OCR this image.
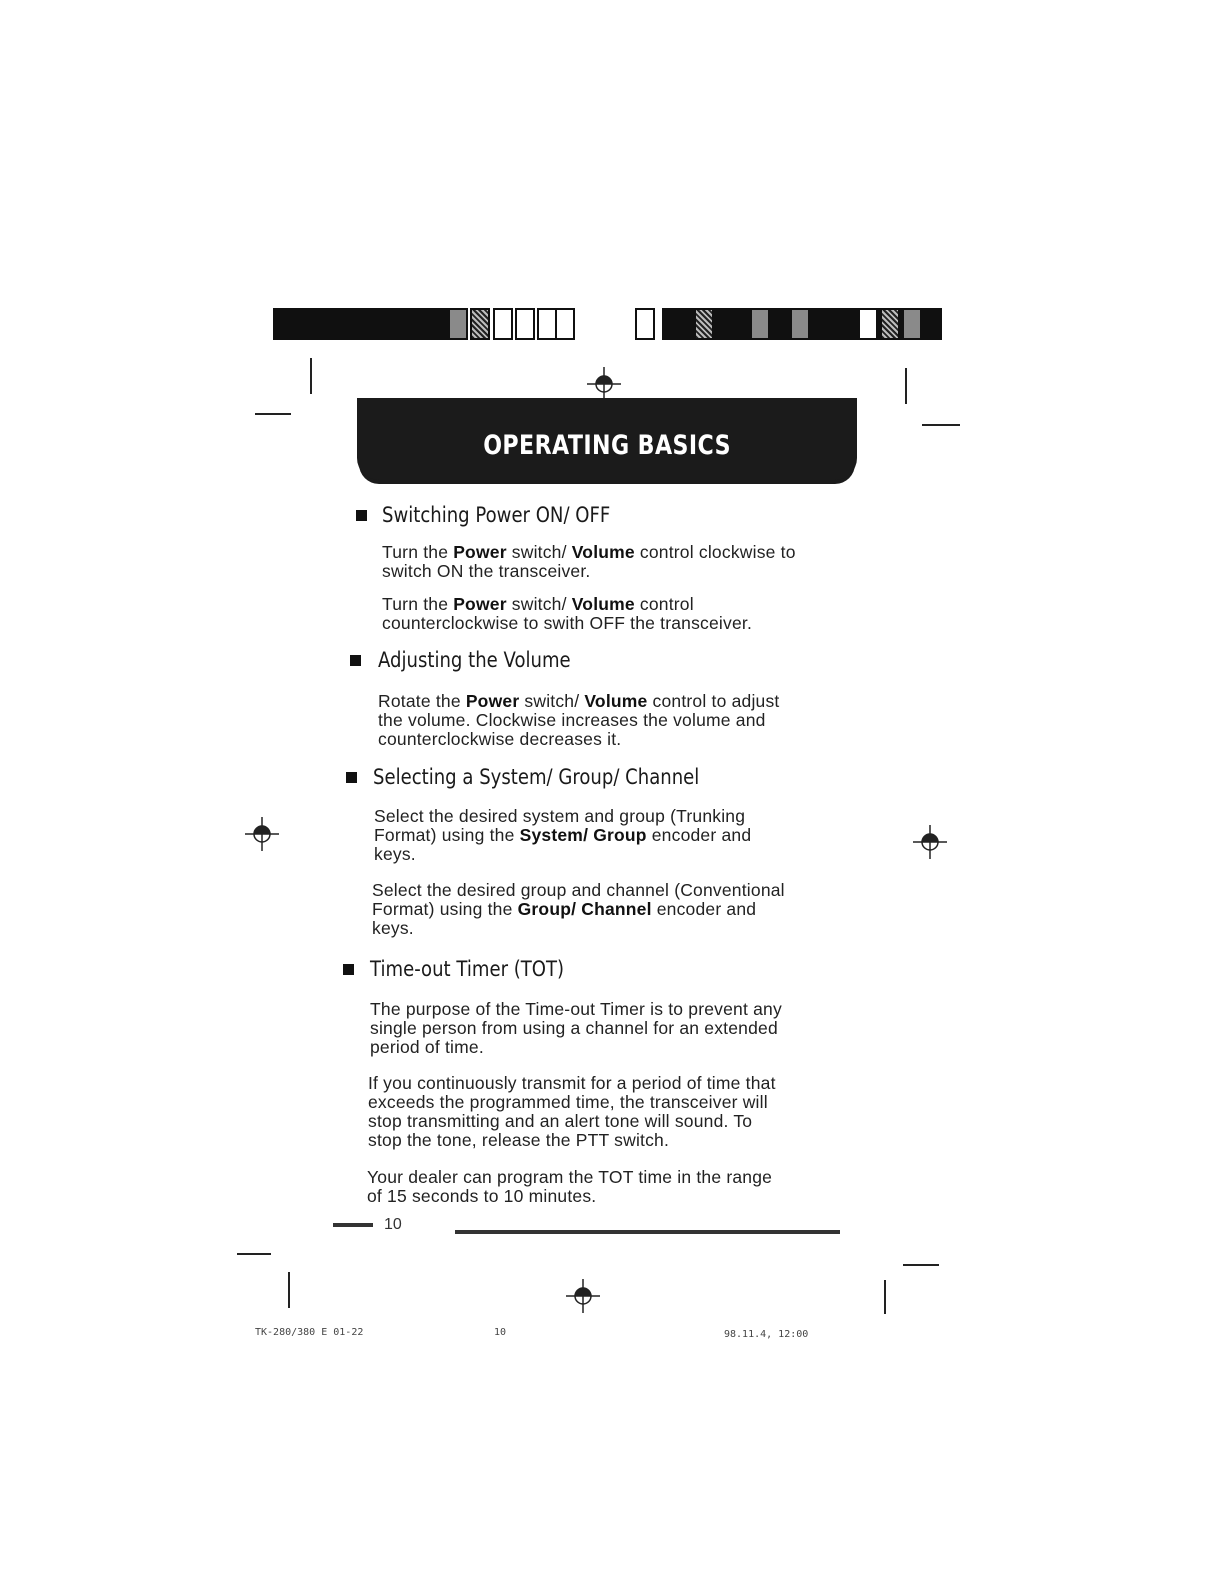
OPERATING BASICS
Switching Power ON/ OFF
Turn the Power switch/ Volume control clockwise to
switch ON the transceiver.
Turn the Power switch/ Volume control
counterclockwise to swith OFF the transceiver.
Adjusting the Volume
Rotate the Power switch/ Volume control to adjust
the volume. Clockwise increases the volume and
counterclockwise decreases it.
Selecting a System/ Group/ Channel
Select the desired system and group (Trunking
Format) using the System/ Group encoder and
keys.
Select the desired group and channel (Conventional
Format) using the Group/ Channel encoder and
keys.
Time-out Timer (TOT)
The purpose of the Time-out Timer is to prevent any
single person from using a channel for an extended
period of time.
If you continuously transmit for a period of time that
exceeds the programmed time, the transceiver will
stop transmitting and an alert tone will sound. To
stop the tone, release the PTT switch.
Your dealer can program the TOT time in the range
of 15 seconds to 10 minutes.
10
TK-280/380 E 01-22	10	98.11.4, 12:00
